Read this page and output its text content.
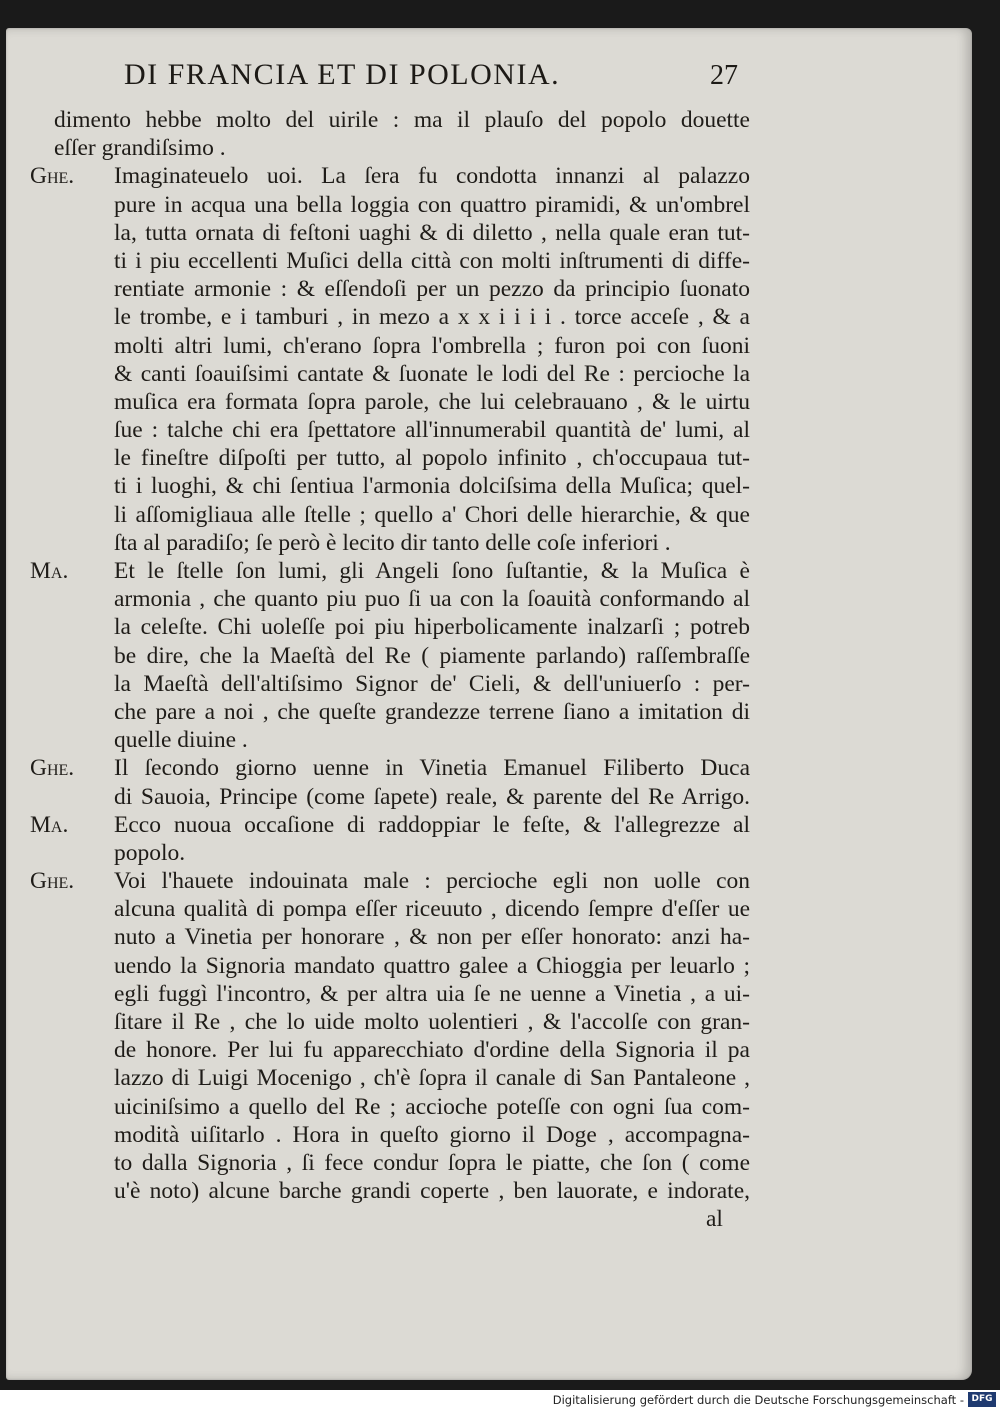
DI FRANCIA ET DI POLONIA.	27
dimento hebbe molto del uirile : ma il plauſo del popolo douette
eſſer grandiſsimo .
Ghe. Imaginateuelo uoi. La ſera fu condotta innanzi al palazzo
pure in acqua una bella loggia con quattro piramidi, & un'ombrel
la, tutta ornata di feſtoni uaghi & di diletto , nella quale eran tut-
ti i piu eccellenti Muſici della città con molti inſtrumenti di diffe-
rentiate armonie : & eſſendoſi per un pezzo da principio ſuonato
le trombe, e i tamburi , in mezo a x x i i i i . torce acceſe , & a
molti altri lumi, ch'erano ſopra l'ombrella ; furon poi con ſuoni
& canti ſoauiſsimi cantate & ſuonate le lodi del Re : percioche la
muſica era formata ſopra parole, che lui celebrauano , & le uirtu
ſue : talche chi era ſpettatore all'innumerabil quantità de' lumi, al
le fineſtre diſpoſti per tutto, al popolo infinito , ch'occupaua tut-
ti i luoghi, & chi ſentiua l'armonia dolciſsima della Muſica; quel-
li aſſomigliaua alle ſtelle ; quello a' Chori delle hierarchie, & que
ſta al paradiſo; ſe però è lecito dir tanto delle coſe inferiori .
Ma. Et le ſtelle ſon lumi, gli Angeli ſono ſuſtantie, & la Muſica è
armonia , che quanto piu puo ſi ua con la ſoauità conformando al
la celeſte. Chi uoleſſe poi piu hiperbolicamente inalzarſi ; potreb
be dire, che la Maeſtà del Re ( piamente parlando) raſſembraſſe
la Maeſtà dell'altiſsimo Signor de' Cieli, & dell'uniuerſo : per-
che pare a noi , che queſte grandezze terrene ſiano a imitation di
quelle diuine .
Ghe. Il ſecondo giorno uenne in Vinetia Emanuel Filiberto Duca
di Sauoia, Principe (come ſapete) reale, & parente del Re Arrigo.
Ma. Ecco nuoua occaſione di raddoppiar le feſte, & l'allegrezze al
popolo.
Ghe. Voi l'hauete indouinata male : percioche egli non uolle con
alcuna qualità di pompa eſſer riceuuto , dicendo ſempre d'eſſer ue
nuto a Vinetia per honorare , & non per eſſer honorato: anzi ha-
uendo la Signoria mandato quattro galee a Chioggia per leuarlo ;
egli fuggì l'incontro, & per altra uia ſe ne uenne a Vinetia , a ui-
ſitare il Re , che lo uide molto uolentieri , & l'accolſe con gran-
de honore. Per lui fu apparecchiato d'ordine della Signoria il pa
lazzo di Luigi Mocenigo , ch'è ſopra il canale di San Pantaleone ,
uiciniſsimo a quello del Re ; accioche poteſſe con ogni ſua com-
modità uiſitarlo . Hora in queſto giorno il Doge , accompagna-
to dalla Signoria , ſi fece condur ſopra le piatte, che ſon ( come
u'è noto) alcune barche grandi coperte , ben lauorate, e indorate,
al
Digitalisierung gefördert durch die Deutsche Forschungsgemeinschaft - DFG
